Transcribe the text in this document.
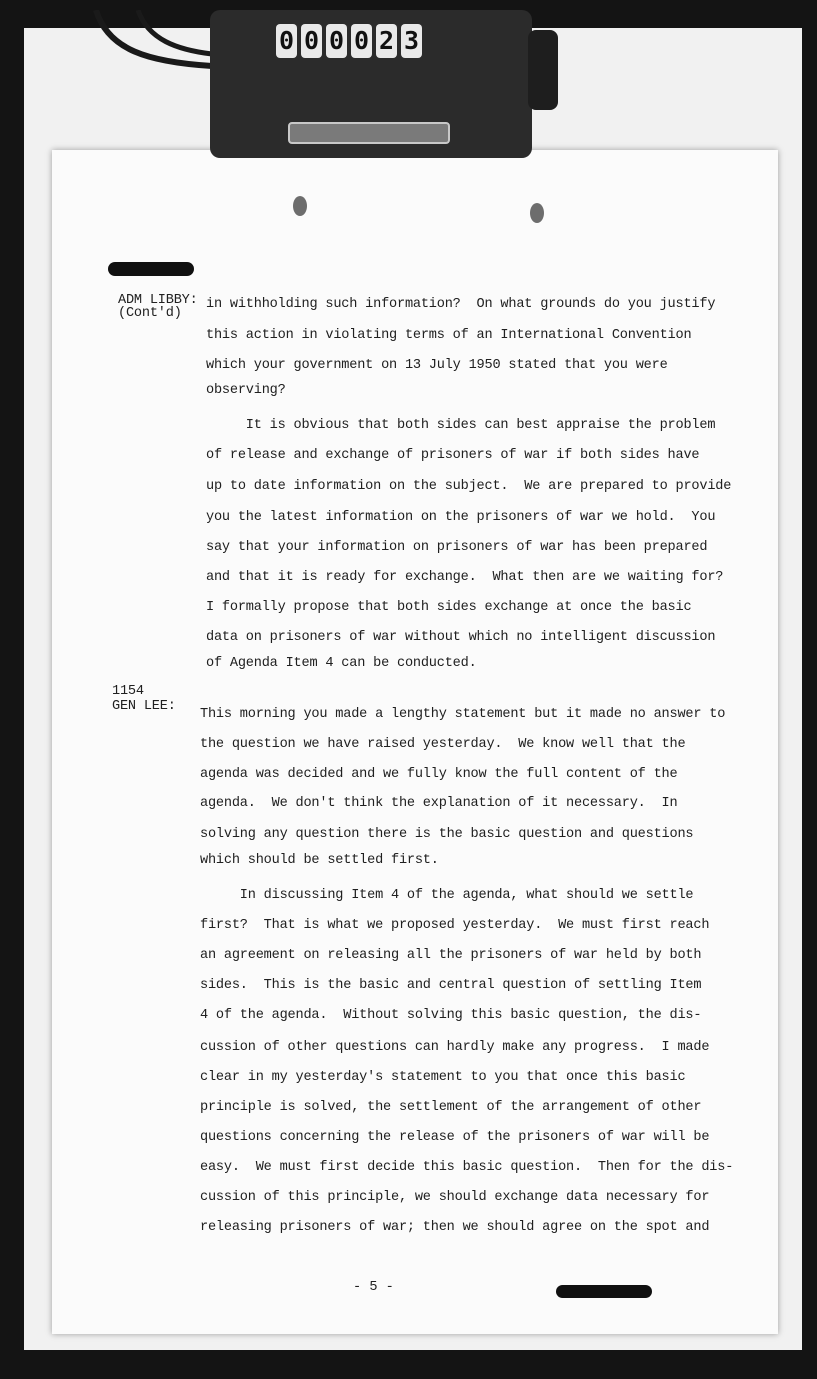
0 0 0 0 2 3
ADM LIBBY:
(Cont'd)

in withholding such information?  On what grounds do you justify

this action in violating terms of an International Convention

which your government on 13 July 1950 stated that you were

observing?

It is obvious that both sides can best appraise the problem

of release and exchange of prisoners of war if both sides have

up to date information on the subject.  We are prepared to provide

you the latest information on the prisoners of war we hold.  You

say that your information on prisoners of war has been prepared

and that it is ready for exchange.  What then are we waiting for?

I formally propose that both sides exchange at once the basic

data on prisoners of war without which no intelligent discussion

of Agenda Item 4 can be conducted.

1154
GEN LEE:

This morning you made a lengthy statement but it made no answer to

the question we have raised yesterday.  We know well that the

agenda was decided and we fully know the full content of the

agenda.  We don't think the explanation of it necessary.  In

solving any question there is the basic question and questions

which should be settled first.

In discussing Item 4 of the agenda, what should we settle

first?  That is what we proposed yesterday.  We must first reach

an agreement on releasing all the prisoners of war held by both

sides.  This is the basic and central question of settling Item

4 of the agenda.  Without solving this basic question, the dis-

cussion of other questions can hardly make any progress.  I made

clear in my yesterday's statement to you that once this basic

principle is solved, the settlement of the arrangement of other

questions concerning the release of the prisoners of war will be

easy.  We must first decide this basic question.  Then for the dis-

cussion of this principle, we should exchange data necessary for

releasing prisoners of war; then we should agree on the spot and

- 5 -
